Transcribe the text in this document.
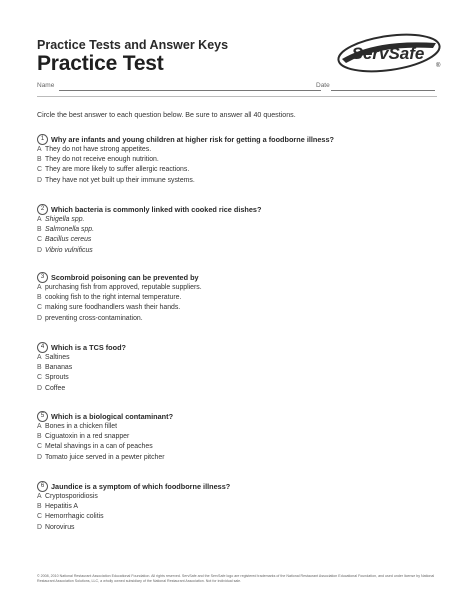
Practice Tests and Answer Keys
Practice Test	ServSafe
®
Name	Date
Circle the best answer to each question below. Be sure to answer all 40 questions.
1 Why are infants and young children at higher risk for getting a foodborne illness?
A They do not have strong appetites.
B They do not receive enough nutrition.
C They are more likely to suffer allergic reactions.
D They have not yet built up their immune systems.
2 Which bacteria is commonly linked with cooked rice dishes?
A Shigella spp.
B Salmonella spp.
C Bacillus cereus
D Vibrio vulnificus
3 Scombroid poisoning can be prevented by
A purchasing fish from approved, reputable suppliers.
B cooking fish to the right internal temperature.
C making sure foodhandlers wash their hands.
D preventing cross-contamination.
4 Which is a TCS food?
A Saltines
B Bananas
C Sprouts
D Coffee
5 Which is a biological contaminant?
A Bones in a chicken fillet
B Ciguatoxin in a red snapper
C Metal shavings in a can of peaches
D Tomato juice served in a pewter pitcher
6 Jaundice is a symptom of which foodborne illness?
A Cryptosporidiosis
B Hepatitis A
C Hemorrhagic colitis
D Norovirus
© 2008, 2010 National Restaurant Association Educational Foundation. All rights reserved. ServSafe and the ServSafe logo are registered trademarks of the National Restaurant Association Educational Foundation, and used under license by National Restaurant Association Solutions, LLC, a wholly owned subsidiary of the National Restaurant Association. Not for individual sale.
